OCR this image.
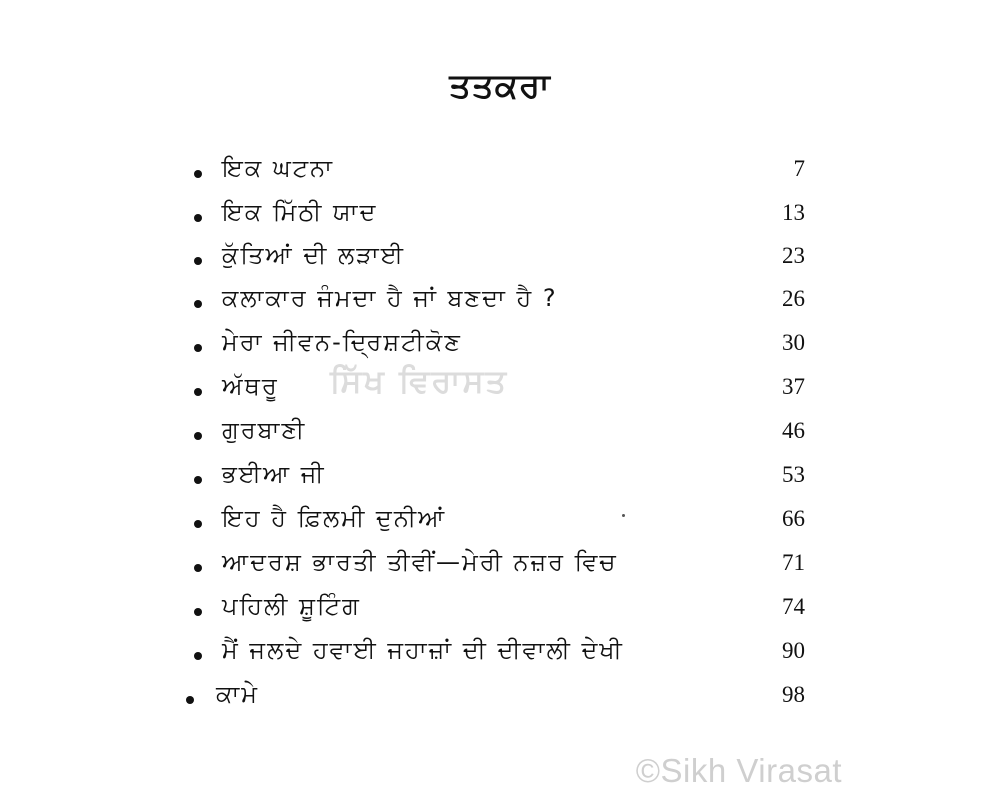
ਤਤਕਰਾ
ਇਕ ਘਟਨਾ	7
ਇਕ ਮਿੱਠੀ ਯਾਦ	13
ਕੁੱਤਿਆਂ ਦੀ ਲੜਾਈ	23
ਕਲਾਕਾਰ ਜੰਮਦਾ ਹੈ ਜਾਂ ਬਣਦਾ ਹੈ ?	26
ਮੇਰਾ ਜੀਵਨ-ਦ੍ਰਿਸ਼ਟੀਕੋਣ	30
ਅੱਥਰੂ	37
ਗੁਰਬਾਣੀ	46
ਭਈਆ ਜੀ	53
ਇਹ ਹੈ ਫ਼ਿਲਮੀ ਦੁਨੀਆਂ	66
ਆਦਰਸ਼ ਭਾਰਤੀ ਤੀਵੀਂ—ਮੇਰੀ ਨਜ਼ਰ ਵਿਚ	71
ਪਹਿਲੀ ਸ਼ੂਟਿੰਗ	74
ਮੈਂ ਜਲਦੇ ਹਵਾਈ ਜਹਾਜ਼ਾਂ ਦੀ ਦੀਵਾਲੀ ਦੇਖੀ	90
ਕਾਮੇ	98
ਸਿੱਖ ਵਿਰਾਸਤ
©Sikh Virasat
